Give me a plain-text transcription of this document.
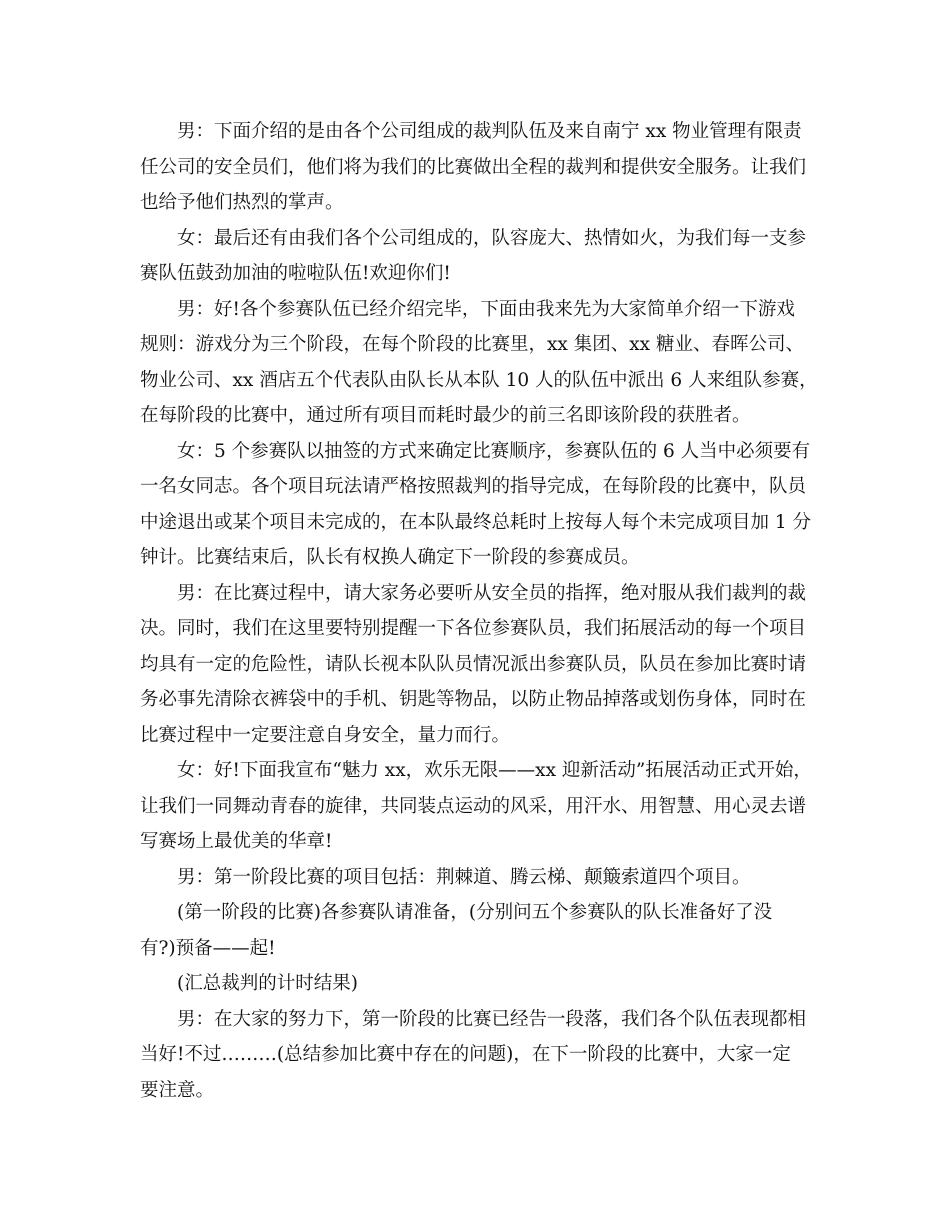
男：下面介绍的是由各个公司组成的裁判队伍及来自南宁 xx 物业管理有限责
任公司的安全员们，他们将为我们的比赛做出全程的裁判和提供安全服务。让我们
也给予他们热烈的掌声。
女：最后还有由我们各个公司组成的，队容庞大、热情如火，为我们每一支参
赛队伍鼓劲加油的啦啦队伍!欢迎你们!
男：好!各个参赛队伍已经介绍完毕，下面由我来先为大家简单介绍一下游戏
规则：游戏分为三个阶段，在每个阶段的比赛里，xx 集团、xx 糖业、春晖公司、
物业公司、xx 酒店五个代表队由队长从本队 10 人的队伍中派出 6 人来组队参赛，
在每阶段的比赛中，通过所有项目而耗时最少的前三名即该阶段的获胜者。
女：5 个参赛队以抽签的方式来确定比赛顺序，参赛队伍的 6 人当中必须要有
一名女同志。各个项目玩法请严格按照裁判的指导完成，在每阶段的比赛中，队员
中途退出或某个项目未完成的，在本队最终总耗时上按每人每个未完成项目加 1 分
钟计。比赛结束后，队长有权换人确定下一阶段的参赛成员。
男：在比赛过程中，请大家务必要听从安全员的指挥，绝对服从我们裁判的裁
决。同时，我们在这里要特别提醒一下各位参赛队员，我们拓展活动的每一个项目
均具有一定的危险性，请队长视本队队员情况派出参赛队员，队员在参加比赛时请
务必事先清除衣裤袋中的手机、钥匙等物品，以防止物品掉落或划伤身体，同时在
比赛过程中一定要注意自身安全，量力而行。
女：好!下面我宣布“魅力 xx，欢乐无限——xx 迎新活动”拓展活动正式开始，
让我们一同舞动青春的旋律，共同装点运动的风采，用汗水、用智慧、用心灵去谱
写赛场上最优美的华章!
男：第一阶段比赛的项目包括：荆棘道、腾云梯、颠簸索道四个项目。
(第一阶段的比赛)各参赛队请准备，(分别问五个参赛队的队长准备好了没
有?)预备——起!
(汇总裁判的计时结果)
男：在大家的努力下，第一阶段的比赛已经告一段落，我们各个队伍表现都相
当好!不过………(总结参加比赛中存在的问题)，在下一阶段的比赛中，大家一定
要注意。
